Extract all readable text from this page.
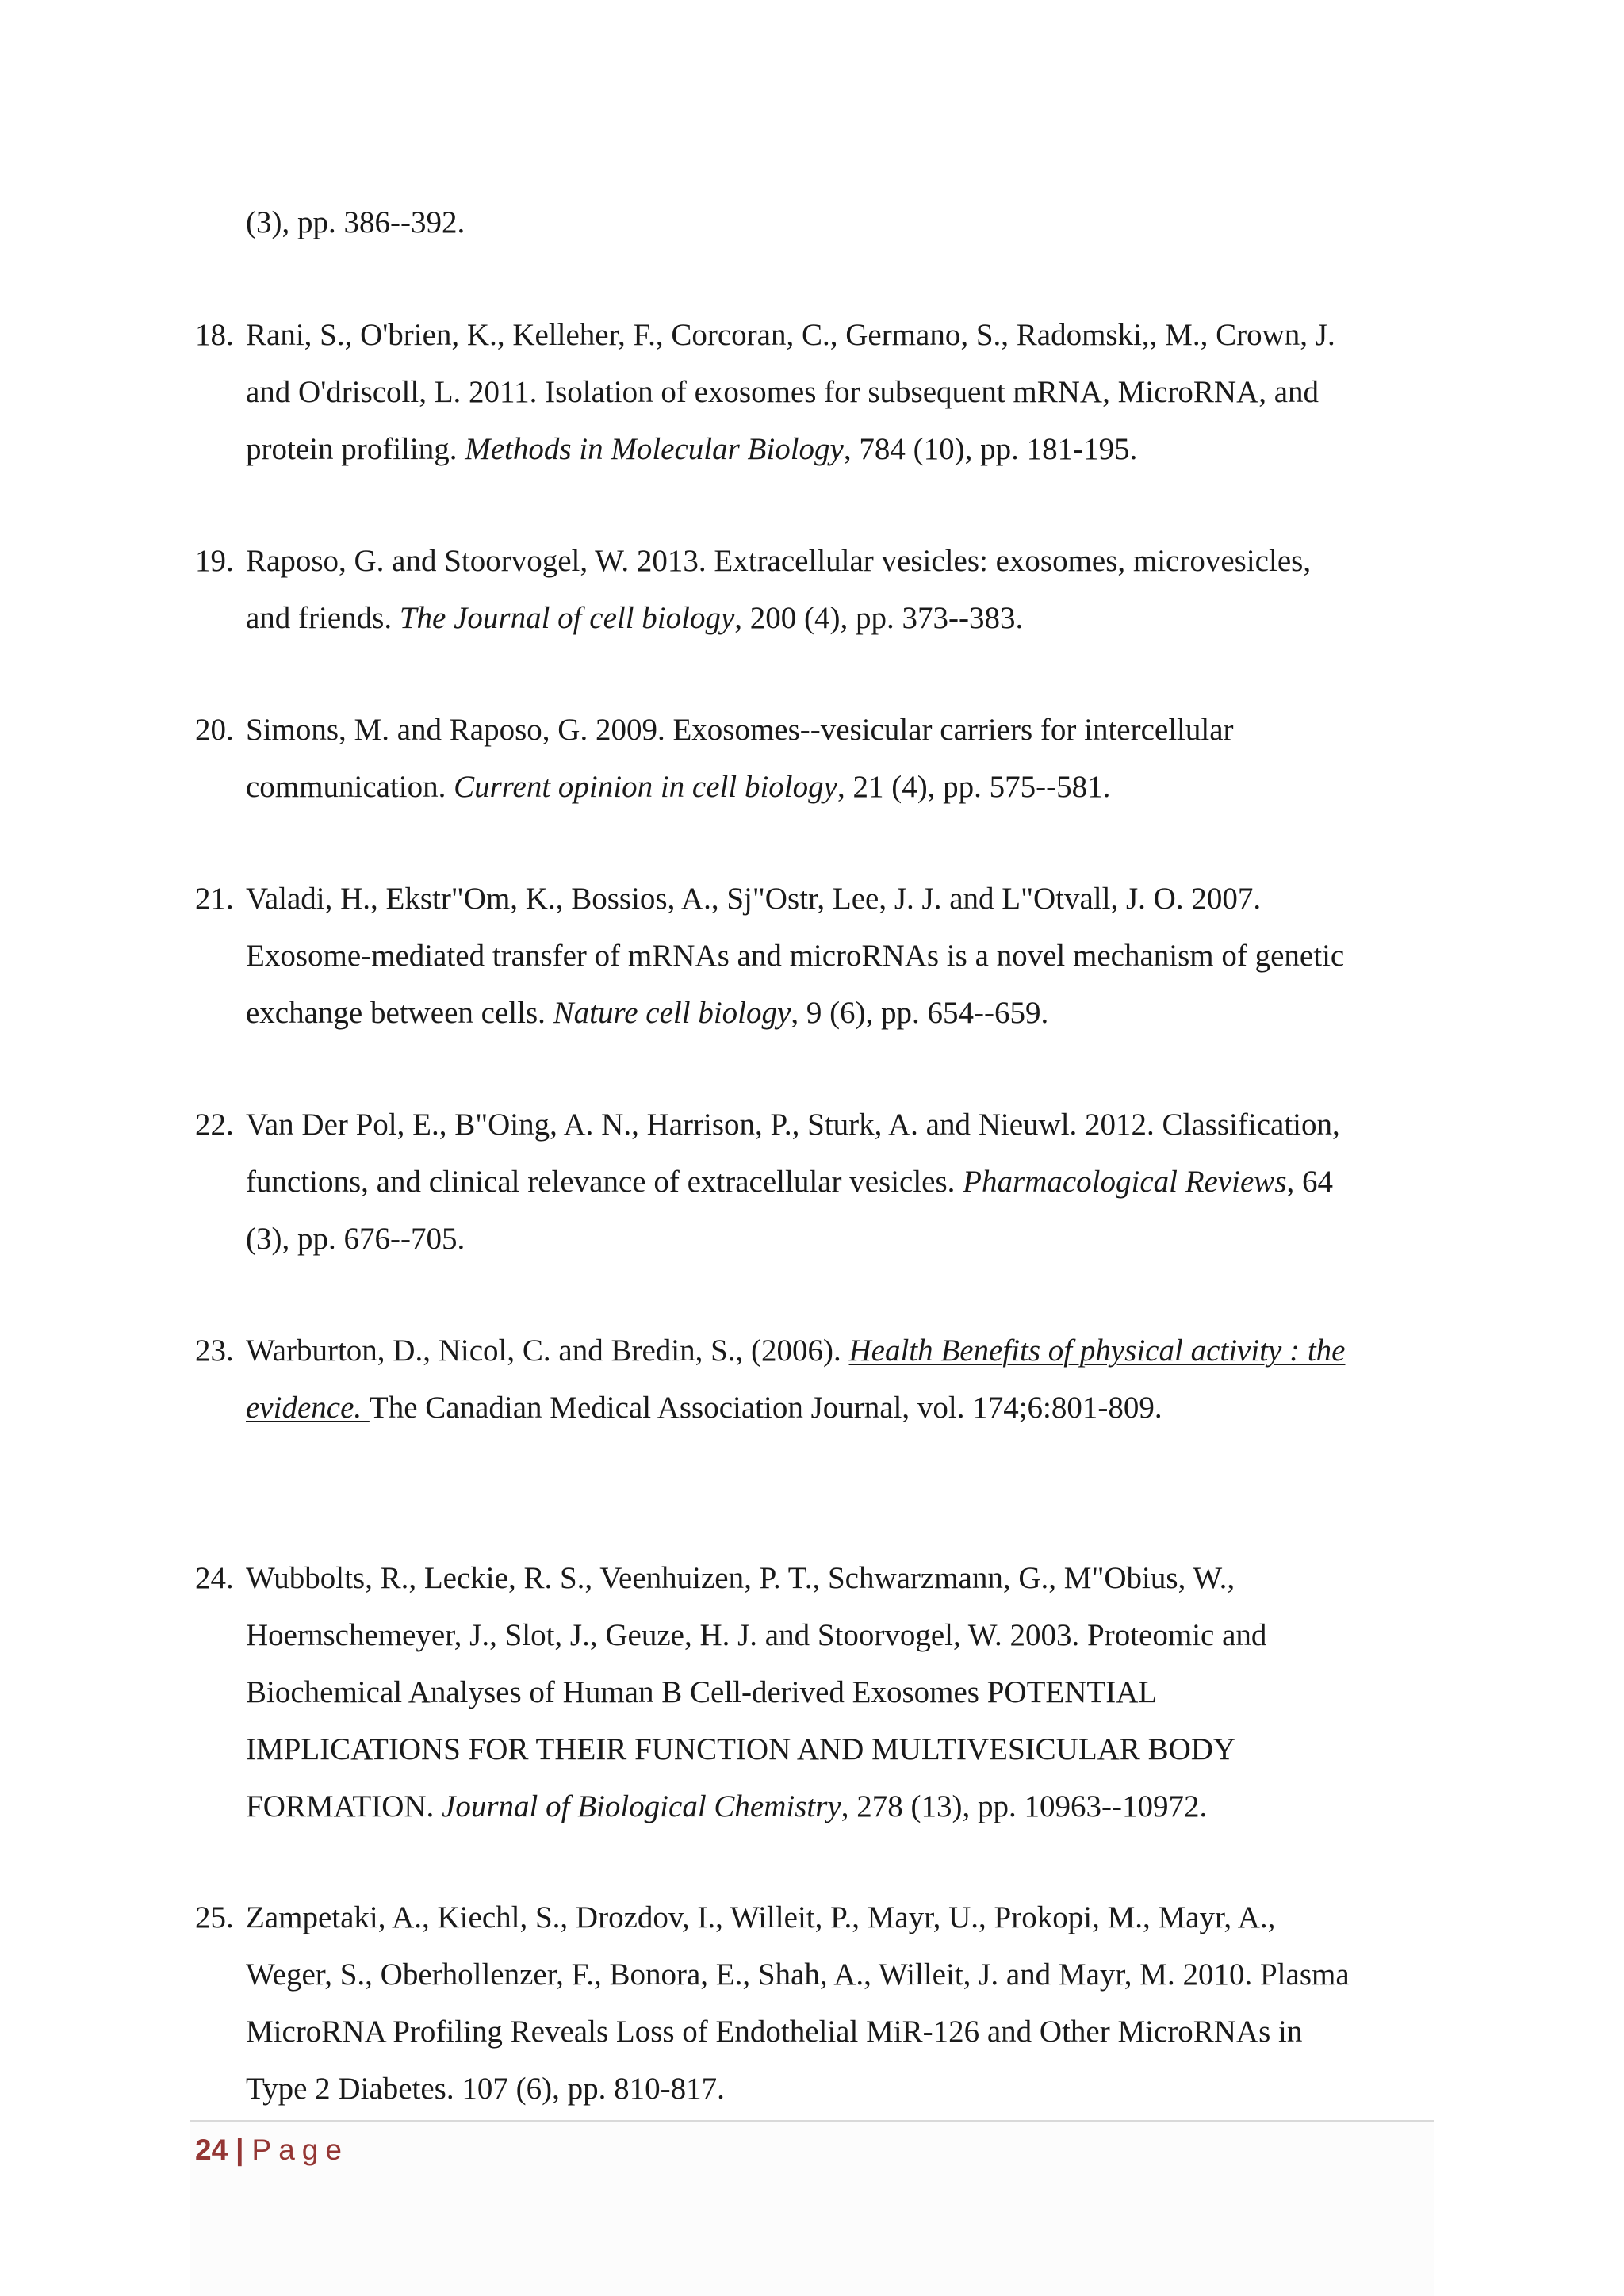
(3), pp. 386--392.
18. Rani, S., O'brien, K., Kelleher, F., Corcoran, C., Germano, S., Radomski,, M., Crown, J.
and O'driscoll, L. 2011. Isolation of exosomes for subsequent mRNA, MicroRNA, and
protein profiling. Methods in Molecular Biology, 784 (10), pp. 181-195.
19. Raposo, G. and Stoorvogel, W. 2013. Extracellular vesicles: exosomes, microvesicles,
and friends. The Journal of cell biology, 200 (4), pp. 373--383.
20. Simons, M. and Raposo, G. 2009. Exosomes--vesicular carriers for intercellular
communication. Current opinion in cell biology, 21 (4), pp. 575--581.
21. Valadi, H., Ekstr"Om, K., Bossios, A., Sj"Ostr, Lee, J. J. and L"Otvall, J. O. 2007.
Exosome-mediated transfer of mRNAs and microRNAs is a novel mechanism of genetic
exchange between cells. Nature cell biology, 9 (6), pp. 654--659.
22. Van Der Pol, E., B"Oing, A. N., Harrison, P., Sturk, A. and Nieuwl. 2012. Classification,
functions, and clinical relevance of extracellular vesicles. Pharmacological Reviews, 64
(3), pp. 676--705.
23. Warburton, D., Nicol, C. and Bredin, S., (2006). Health Benefits of physical activity : the
evidence. The Canadian Medical Association Journal, vol. 174;6:801-809.
24. Wubbolts, R., Leckie, R. S., Veenhuizen, P. T., Schwarzmann, G., M"Obius, W.,
Hoernschemeyer, J., Slot, J., Geuze, H. J. and Stoorvogel, W. 2003. Proteomic and
Biochemical Analyses of Human B Cell-derived Exosomes POTENTIAL
IMPLICATIONS FOR THEIR FUNCTION AND MULTIVESICULAR BODY
FORMATION. Journal of Biological Chemistry, 278 (13), pp. 10963--10972.
25. Zampetaki, A., Kiechl, S., Drozdov, I., Willeit, P., Mayr, U., Prokopi, M., Mayr, A.,
Weger, S., Oberhollenzer, F., Bonora, E., Shah, A., Willeit, J. and Mayr, M. 2010. Plasma
MicroRNA Profiling Reveals Loss of Endothelial MiR-126 and Other MicroRNAs in
Type 2 Diabetes. 107 (6), pp. 810-817.
24 | Page
